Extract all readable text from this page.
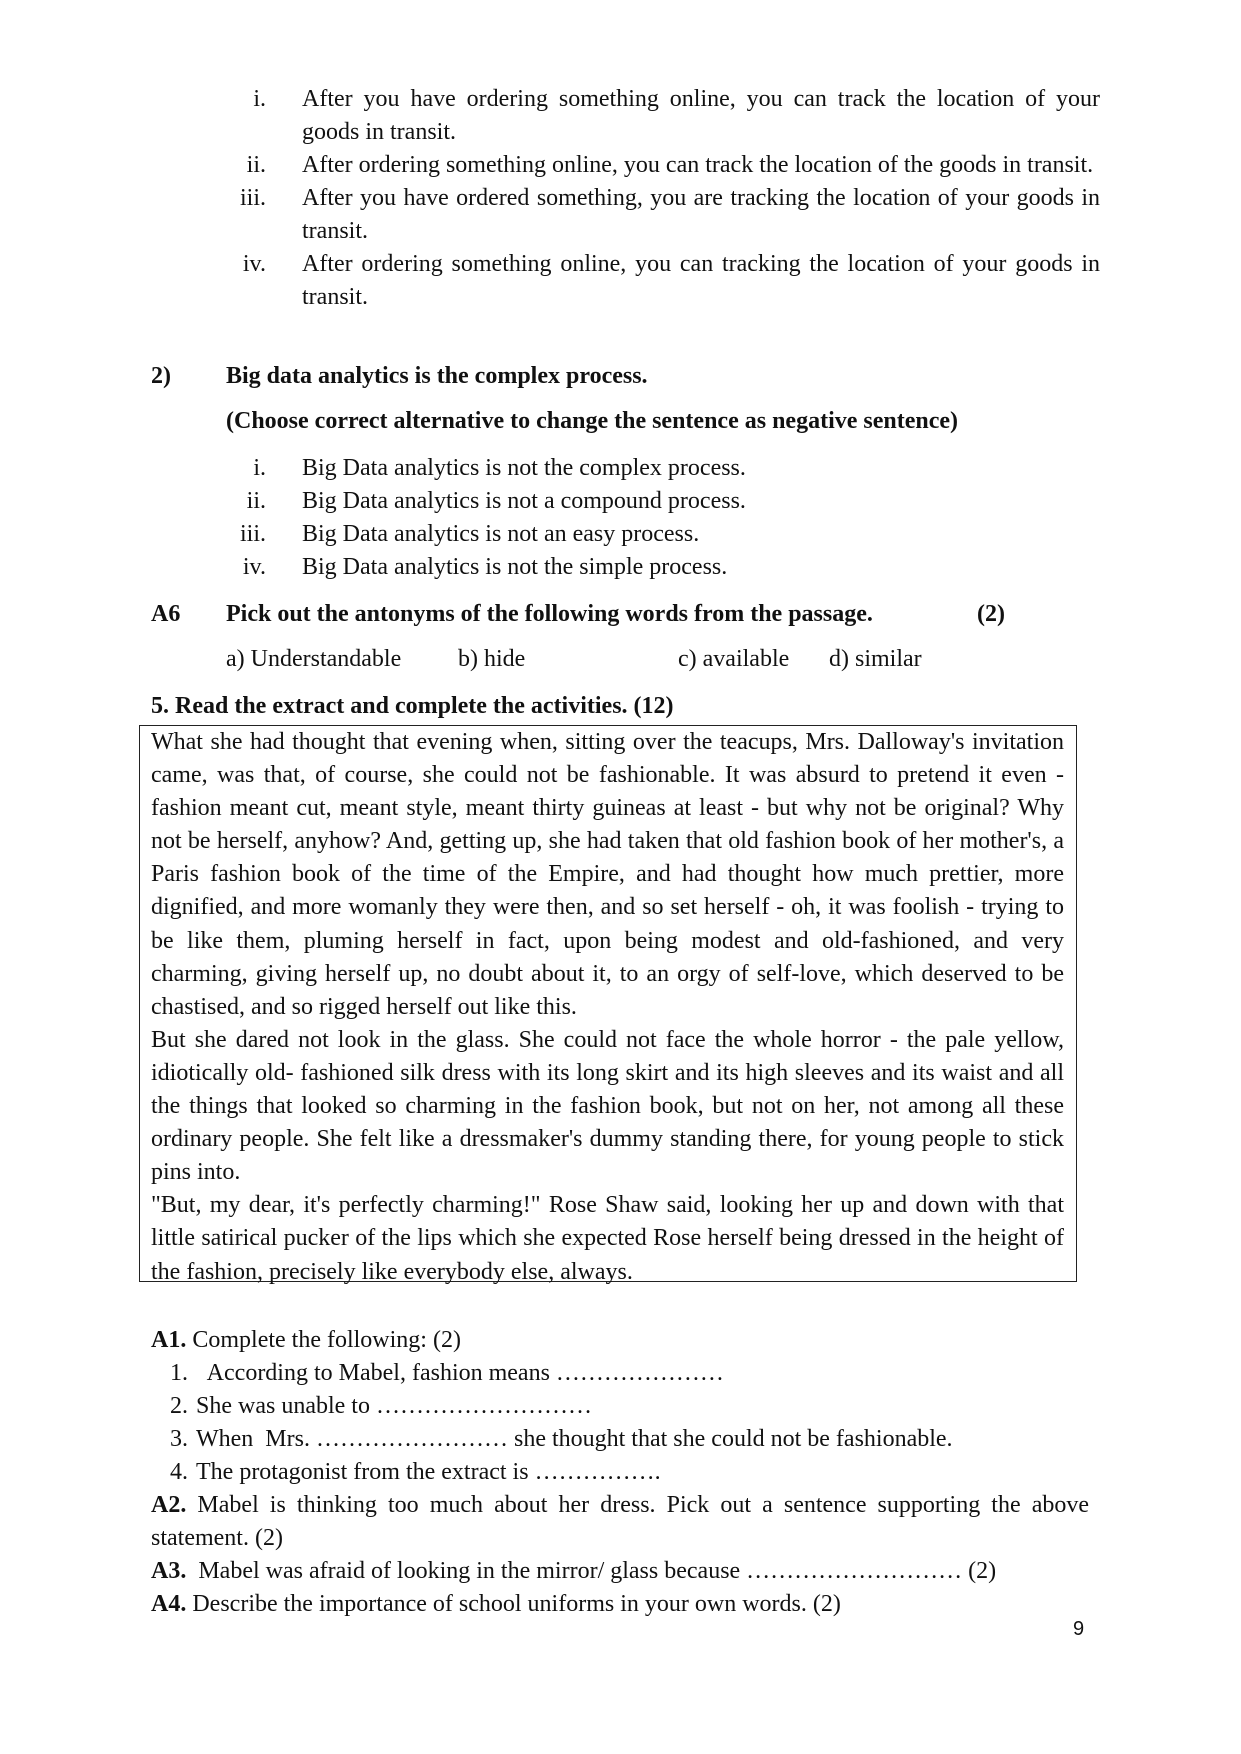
i.	After you have ordering something online, you can track the location of your goods in transit.
ii.	After ordering something online, you can track the location of the goods in transit.
iii.	After you have ordered something, you are tracking the location of your goods in transit.
iv.	After ordering something online, you can tracking the location of your goods in transit.
2) Big data analytics is the complex process.
(Choose correct alternative to change the sentence as negative sentence)
i.	Big Data analytics is not the complex process.
ii.	Big Data analytics is not a compound process.
iii.	Big Data analytics is not an easy process.
iv.	Big Data analytics is not the simple process.
A6 Pick out the antonyms of the following words from the passage.	(2)
a) Understandable b) hide	c) available d) similar
5. Read the extract and complete the activities. (12)

What she had thought that evening when, sitting over the teacups, Mrs. Dalloway's invitation came, was that, of course, she could not be fashionable. It was absurd to pretend it even - fashion meant cut, meant style, meant thirty guineas at least - but why not be original? Why not be herself, anyhow? And, getting up, she had taken that old fashion book of her mother's, a Paris fashion book of the time of the Empire, and had thought how much prettier, more dignified, and more womanly they were then, and so set herself - oh, it was foolish - trying to be like them, pluming herself in fact, upon being modest and old-fashioned, and very charming, giving herself up, no doubt about it, to an orgy of self-love, which deserved to be chastised, and so rigged herself out like this.

But she dared not look in the glass. She could not face the whole horror - the pale yellow, idiotically old- fashioned silk dress with its long skirt and its high sleeves and its waist and all the things that looked so charming in the fashion book, but not on her, not among all these ordinary people. She felt like a dressmaker's dummy standing there, for young people to stick pins into.

"But, my dear, it's perfectly charming!" Rose Shaw said, looking her up and down with that little satirical pucker of the lips which she expected Rose herself being dressed in the height of the fashion, precisely like everybody else, always.

A1. Complete the following: (2)
1. According to Mabel, fashion means …………………
2. She was unable to ………………………
3. When  Mrs. …………………… she thought that she could not be fashionable.
4. The protagonist from the extract is …………….

A2. Mabel is thinking too much about her dress. Pick out a sentence supporting the above statement. (2)

A3.  Mabel was afraid of looking in the mirror/ glass because ……………………… (2)
A4. Describe the importance of school uniforms in your own words. (2)
9
